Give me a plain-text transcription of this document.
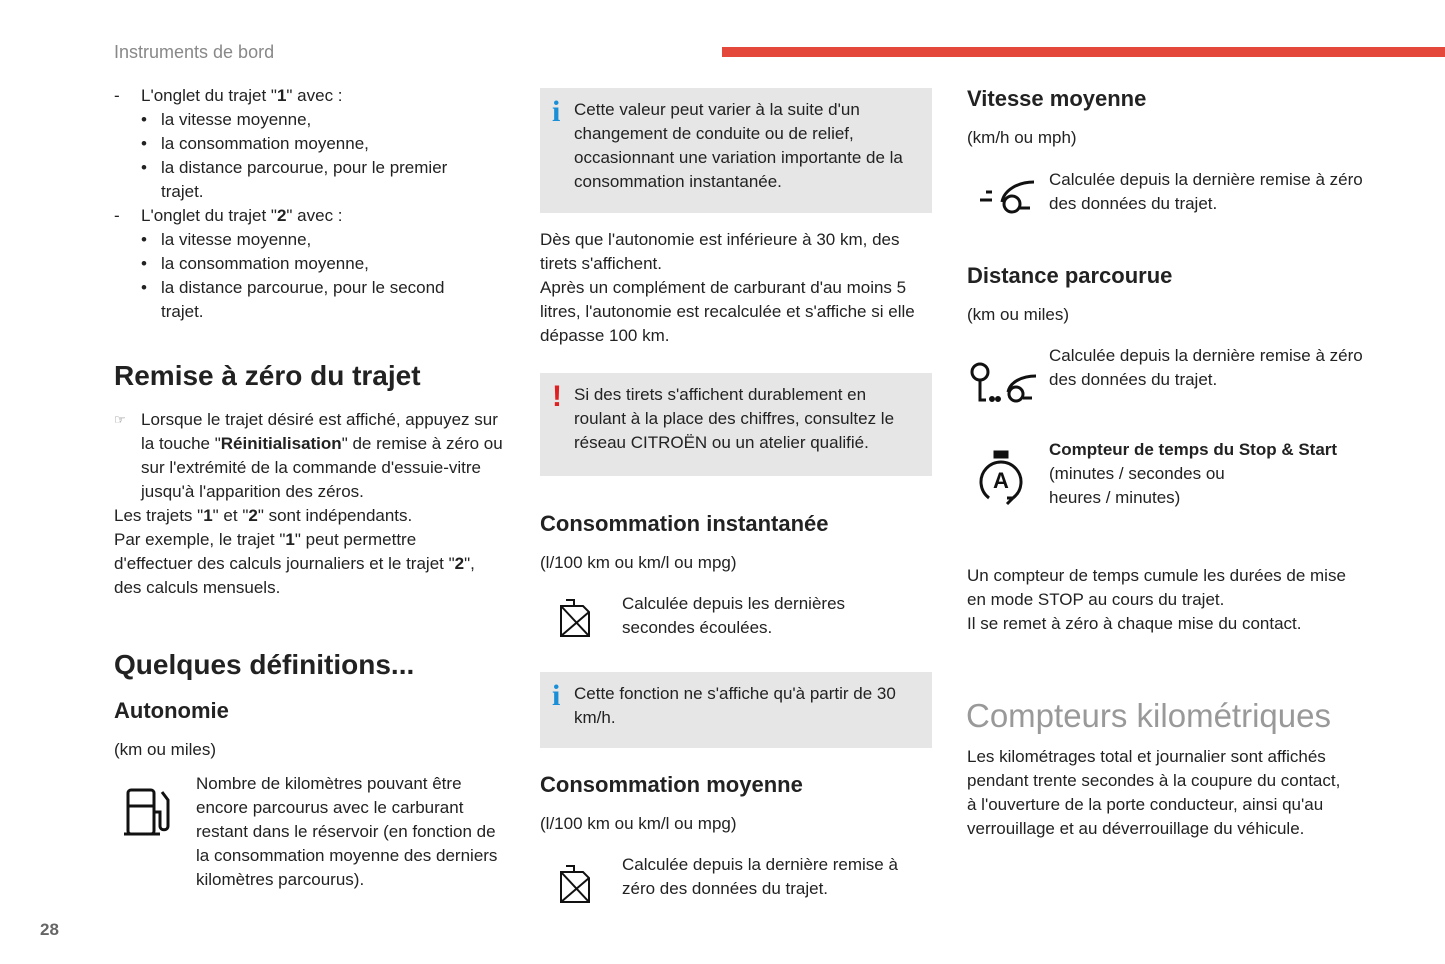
Instruments de bord
28
- L'onglet du trajet "1" avec :
• la vitesse moyenne,
• la consommation moyenne,
• la distance parcourue, pour le premier trajet.
- L'onglet du trajet "2" avec :
• la vitesse moyenne,
• la consommation moyenne,
• la distance parcourue, pour le second trajet.
Remise à zéro du trajet
☞ Lorsque le trajet désiré est affiché, appuyez sur la touche "Réinitialisation" de remise à zéro ou sur l'extrémité de la commande d'essuie-vitre jusqu'à l'apparition des zéros.
Les trajets "1" et "2" sont indépendants.
Par exemple, le trajet "1" peut permettre d'effectuer des calculs journaliers et le trajet "2", des calculs mensuels.
Quelques définitions...
Autonomie
(km ou miles)
Nombre de kilomètres pouvant être encore parcourus avec le carburant restant dans le réservoir (en fonction de la consommation moyenne des derniers kilomètres parcourus).
i Cette valeur peut varier à la suite d'un changement de conduite ou de relief, occasionnant une variation importante de la consommation instantanée.
Dès que l'autonomie est inférieure à 30 km, des tirets s'affichent.
Après un complément de carburant d'au moins 5 litres, l'autonomie est recalculée et s'affiche si elle dépasse 100 km.
! Si des tirets s'affichent durablement en roulant à la place des chiffres, consultez le réseau CITROËN ou un atelier qualifié.
Consommation instantanée
(l/100 km ou km/l ou mpg)
Calculée depuis les dernières secondes écoulées.
i Cette fonction ne s'affiche qu'à partir de 30 km/h.
Consommation moyenne
(l/100 km ou km/l ou mpg)
Calculée depuis la dernière remise à zéro des données du trajet.
Vitesse moyenne
(km/h ou mph)
Calculée depuis la dernière remise à zéro des données du trajet.
Distance parcourue
(km ou miles)
Calculée depuis la dernière remise à zéro des données du trajet.
A
Compteur de temps du Stop & Start
(minutes / secondes ou heures / minutes)
Un compteur de temps cumule les durées de mise en mode STOP au cours du trajet.
Il se remet à zéro à chaque mise du contact.
Compteurs kilométriques
Les kilométrages total et journalier sont affichés pendant trente secondes à la coupure du contact, à l'ouverture de la porte conducteur, ainsi qu'au verrouillage et au déverrouillage du véhicule.
